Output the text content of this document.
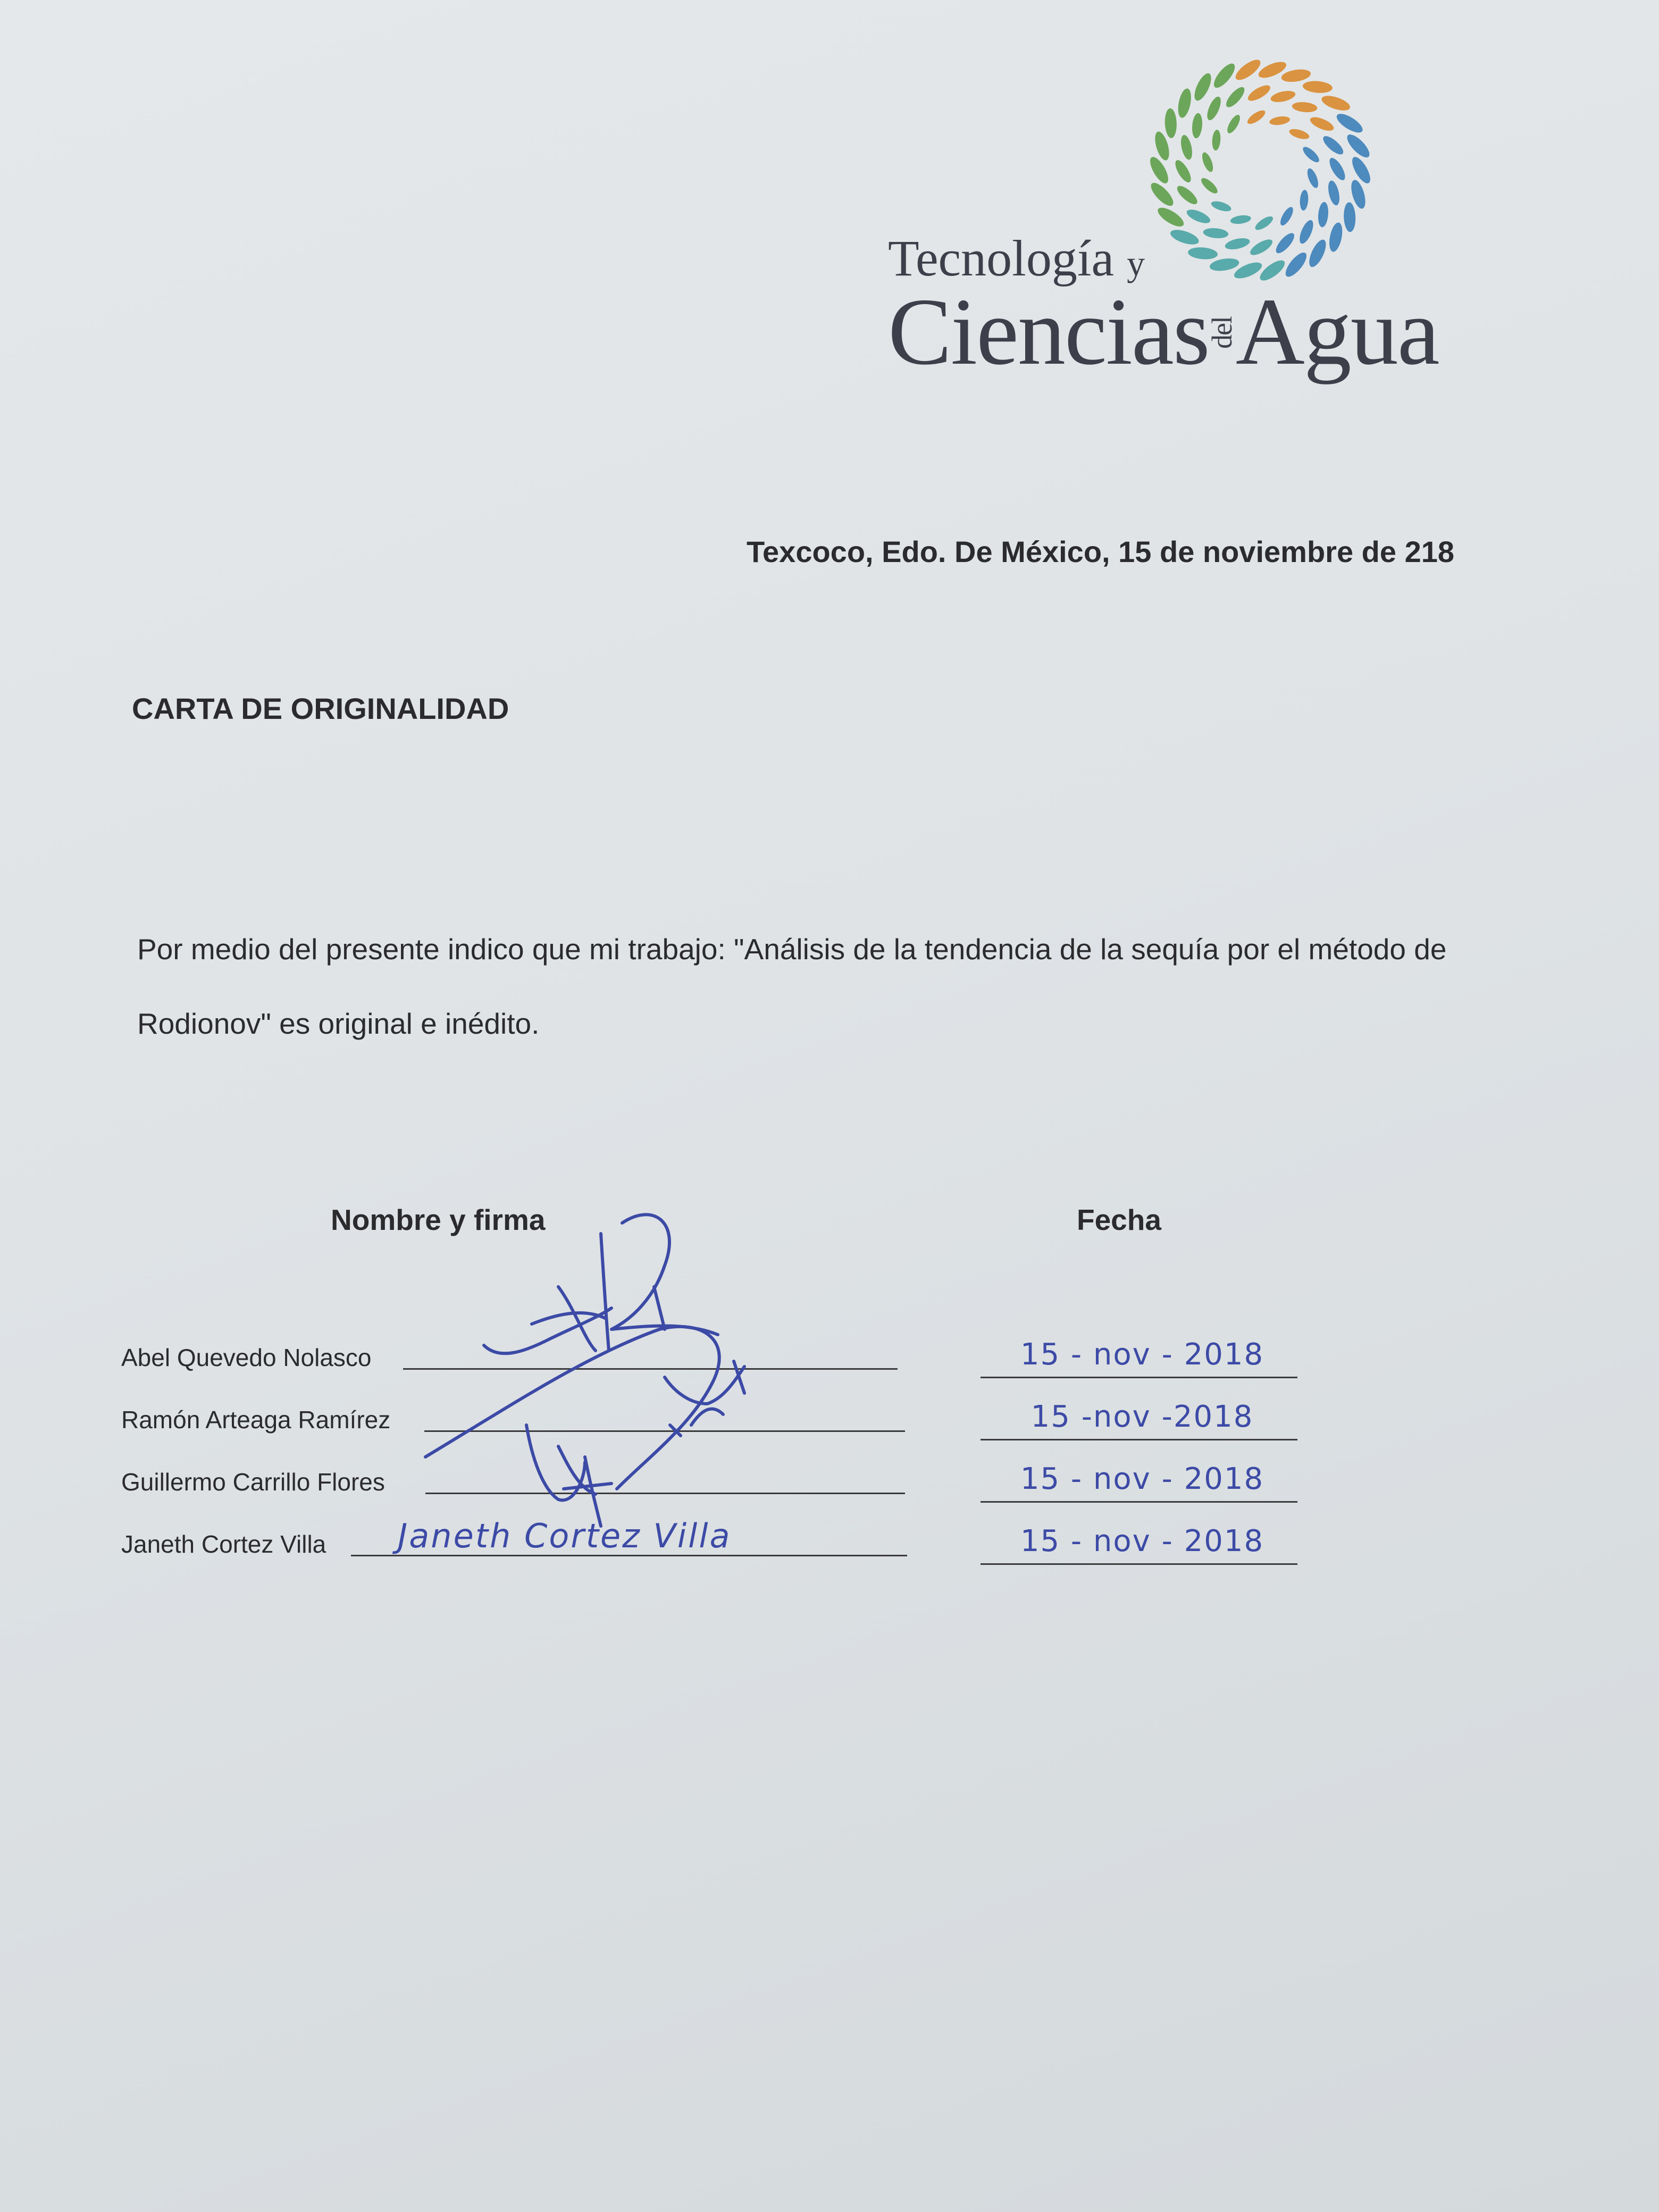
Tecnología y
CienciasdelAgua
Texcoco, Edo. De México, 15 de noviembre de 218
CARTA DE ORIGINALIDAD
Por medio del presente indico que mi trabajo: "Análisis de la tendencia de la sequía por el método de Rodionov" es original e inédito.
Nombre y firma	Fecha
Abel Quevedo Nolasco	15 - nov - 2018
Ramón Arteaga Ramírez	15 -nov -2018
Guillermo Carrillo Flores	15 - nov - 2018
Janeth Cortez Villa Janeth Cortez Villa	15 - nov - 2018
